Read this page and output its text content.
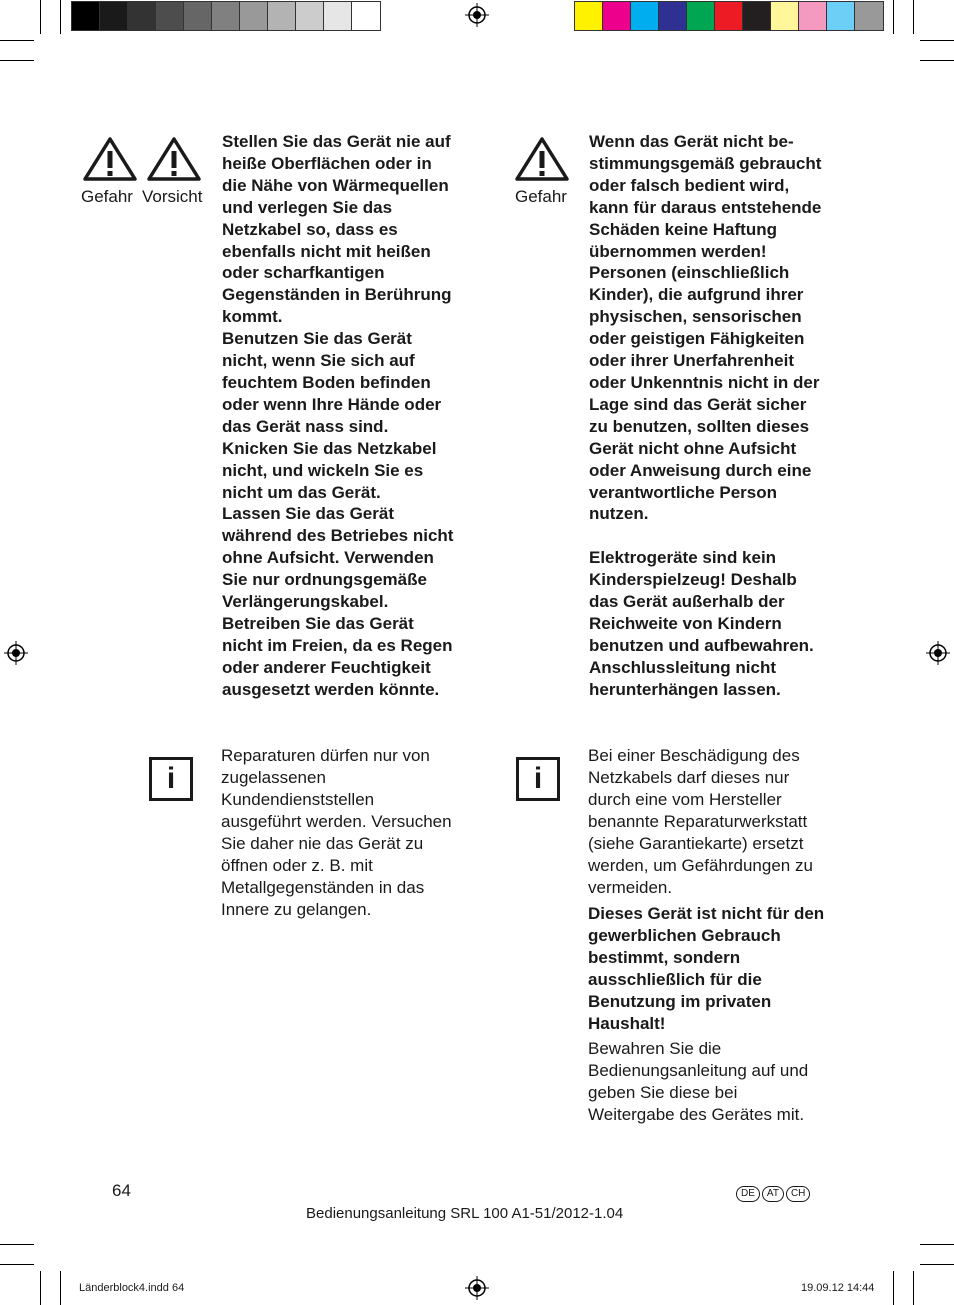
Gefahr Vorsicht
Stellen Sie das Gerät nie auf
heiße Oberflächen oder in
die Nähe von Wärmequellen
und verlegen Sie das
Netzkabel so, dass es
ebenfalls nicht mit heißen
oder scharfkantigen
Gegenständen in Berührung
kommt.
Benutzen Sie das Gerät
nicht, wenn Sie sich auf
feuchtem Boden befinden
oder wenn Ihre Hände oder
das Gerät nass sind.
Knicken Sie das Netzkabel
nicht, und wickeln Sie es
nicht um das Gerät.
Lassen Sie das Gerät
während des Betriebes nicht
ohne Aufsicht. Verwenden
Sie nur ordnungsgemäße
Verlängerungskabel.
Betreiben Sie das Gerät
nicht im Freien, da es Regen
oder anderer Feuchtigkeit
ausgesetzt werden könnte.
Gefahr
Wenn das Gerät nicht be-
stimmungsgemäß gebraucht
oder falsch bedient wird,
kann für daraus entstehende
Schäden keine Haftung
übernommen werden!
Personen (einschließlich
Kinder), die aufgrund ihrer
physischen, sensorischen
oder geistigen Fähigkeiten
oder ihrer Unerfahrenheit
oder Unkenntnis nicht in der
Lage sind das Gerät sicher
zu benutzen, sollten dieses
Gerät nicht ohne Aufsicht
oder Anweisung durch eine
verantwortliche Person
nutzen.

Elektrogeräte sind kein
Kinderspielzeug! Deshalb
das Gerät außerhalb der
Reichweite von Kindern
benutzen und aufbewahren.
Anschlussleitung nicht
herunterhängen lassen.
i
Reparaturen dürfen nur von
zugelassenen
Kundendienststellen
ausgeführt werden. Versuchen
Sie daher nie das Gerät zu
öffnen oder z. B. mit
Metallgegenständen in das
Innere zu gelangen.
i
Bei einer Beschädigung des
Netzkabels darf dieses nur
durch eine vom Hersteller
benannte Reparaturwerkstatt
(siehe Garantiekarte) ersetzt
werden, um Gefährdungen zu
vermeiden.
Dieses Gerät ist nicht für den
gewerblichen Gebrauch
bestimmt, sondern
ausschließlich für die
Benutzung im privaten
Haushalt!
Bewahren Sie die
Bedienungsanleitung auf und
geben Sie diese bei
Weitergabe des Gerätes mit.
64	DE AT CH
Bedienungsanleitung SRL 100 A1-51/2012-1.04
Länderblock4.indd 64	19.09.12 14:44
